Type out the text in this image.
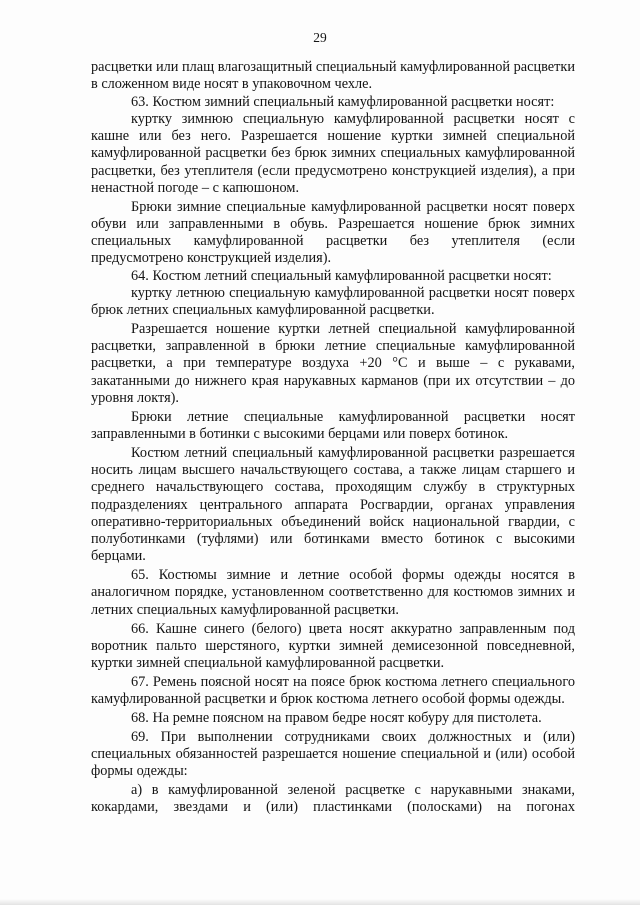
29

расцветки или плащ влагозащитный специальный камуфлированной расцветки в сложенном виде носят в упаковочном чехле.

63. Костюм зимний специальный камуфлированной расцветки носят:

куртку зимнюю специальную камуфлированной расцветки носят с кашне или без него. Разрешается ношение куртки зимней специальной камуфлированной расцветки без брюк зимних специальных камуфлированной расцветки, без утеплителя (если предусмотрено конструкцией изделия), а при ненастной погоде – с капюшоном.

Брюки зимние специальные камуфлированной расцветки носят поверх обуви или заправленными в обувь. Разрешается ношение брюк зимних специальных камуфлированной расцветки без утеплителя (если предусмотрено конструкцией изделия).

64. Костюм летний специальный камуфлированной расцветки носят:

куртку летнюю специальную камуфлированной расцветки носят поверх брюк летних специальных камуфлированной расцветки.

Разрешается ношение куртки летней специальной камуфлированной расцветки, заправленной в брюки летние специальные камуфлированной расцветки, а при температуре воздуха +20 °С и выше – с рукавами, закатанными до нижнего края нарукавных карманов (при их отсутствии – до уровня локтя).

Брюки летние специальные камуфлированной расцветки носят заправленными в ботинки с высокими берцами или поверх ботинок.

Костюм летний специальный камуфлированной расцветки разрешается носить лицам высшего начальствующего состава, а также лицам старшего и среднего начальствующего состава, проходящим службу в структурных подразделениях центрального аппарата Росгвардии, органах управления оперативно-территориальных объединений войск национальной гвардии, с полуботинками (туфлями) или ботинками вместо ботинок с высокими берцами.

65. Костюмы зимние и летние особой формы одежды носятся в аналогичном порядке, установленном соответственно для костюмов зимних и летних специальных камуфлированной расцветки.

66. Кашне синего (белого) цвета носят аккуратно заправленным под воротник пальто шерстяного, куртки зимней демисезонной повседневной, куртки зимней специальной камуфлированной расцветки.

67. Ремень поясной носят на поясе брюк костюма летнего специального камуфлированной расцветки и брюк костюма летнего особой формы одежды.

68. На ремне поясном на правом бедре носят кобуру для пистолета.

69. При выполнении сотрудниками своих должностных и (или) специальных обязанностей разрешается ношение специальной и (или) особой формы одежды:

а) в камуфлированной зеленой расцветке с нарукавными знаками, кокардами, звездами и (или) пластинками (полосками) на погонах
